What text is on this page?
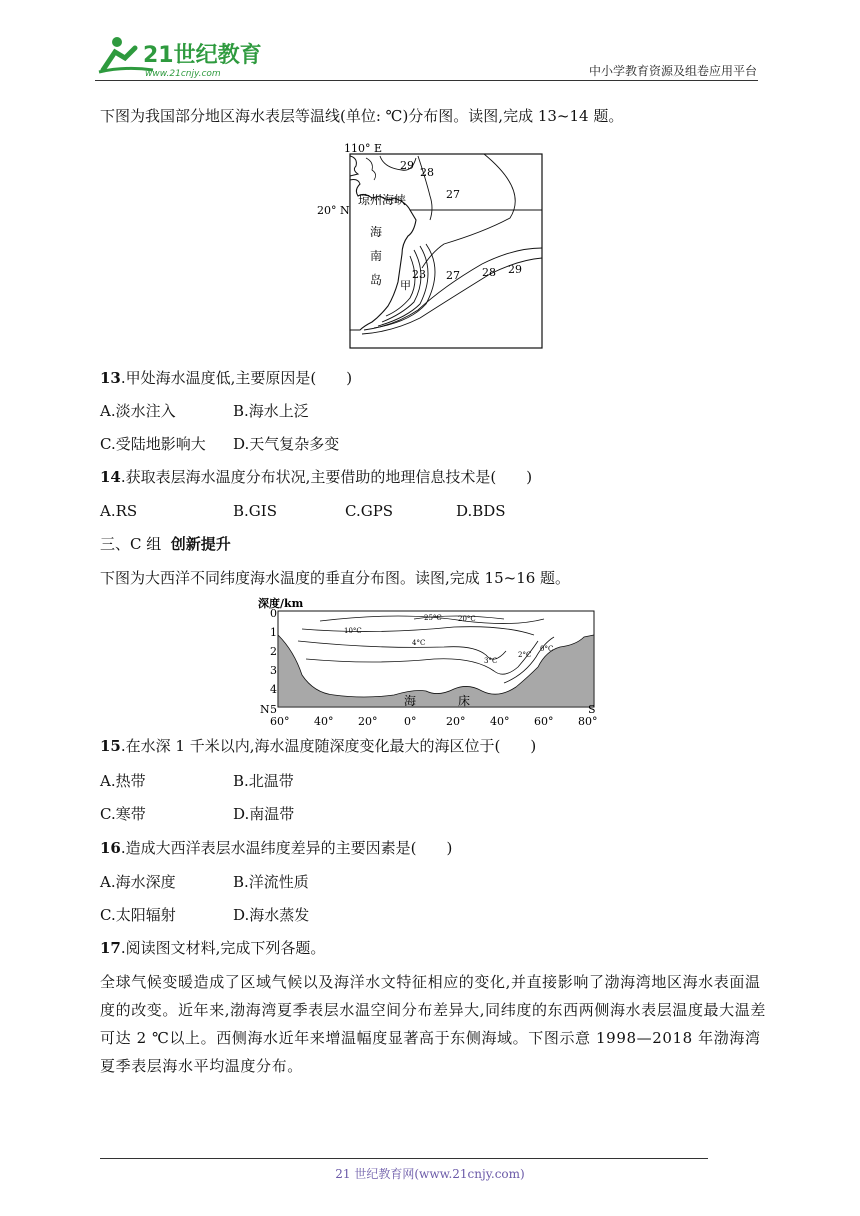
21世纪教育
www.21cnjy.com	中小学教育资源及组卷应用平台
下图为我国部分地区海水表层等温线(单位: ℃)分布图。读图,完成 13~14 题。
110° E
20° N
琼州海峡
海
南
岛 甲
29
28
27
23 27 28 29
13.甲处海水温度低,主要原因是(　　)
A.淡水注入	B.海水上泛
C.受陆地影响大 D.天气复杂多变
14.获取表层海水温度分布状况,主要借助的地理信息技术是(　　)
A.RS	B.GIS	C.GPS	D.BDS
三、C 组 创新提升
下图为大西洋不同纬度海水温度的垂直分布图。读图,完成 15~16 题。
深度/km
0
1
2
3
4
N 5	S
60° 40° 20° 0°	20° 40° 60° 80°
25°C 20°C
10°C
4°C
3°C
2°C
0°C
海	床
15.在水深 1 千米以内,海水温度随深度变化最大的海区位于(　　)
A.热带	B.北温带
C.寒带	D.南温带
16.造成大西洋表层水温纬度差异的主要因素是(　　)
A.海水深度	B.洋流性质
C.太阳辐射	D.海水蒸发
17.阅读图文材料,完成下列各题。
全球气候变暖造成了区域气候以及海洋水文特征相应的变化,并直接影响了渤海湾地区海水表面温度的改变。近年来,渤海湾夏季表层水温空间分布差异大,同纬度的东西两侧海水表层温度最大温差可达 2 ℃以上。西侧海水近年来增温幅度显著高于东侧海域。下图示意 1998—2018 年渤海湾夏季表层海水平均温度分布。
21 世纪教育网(www.21cnjy.com)
